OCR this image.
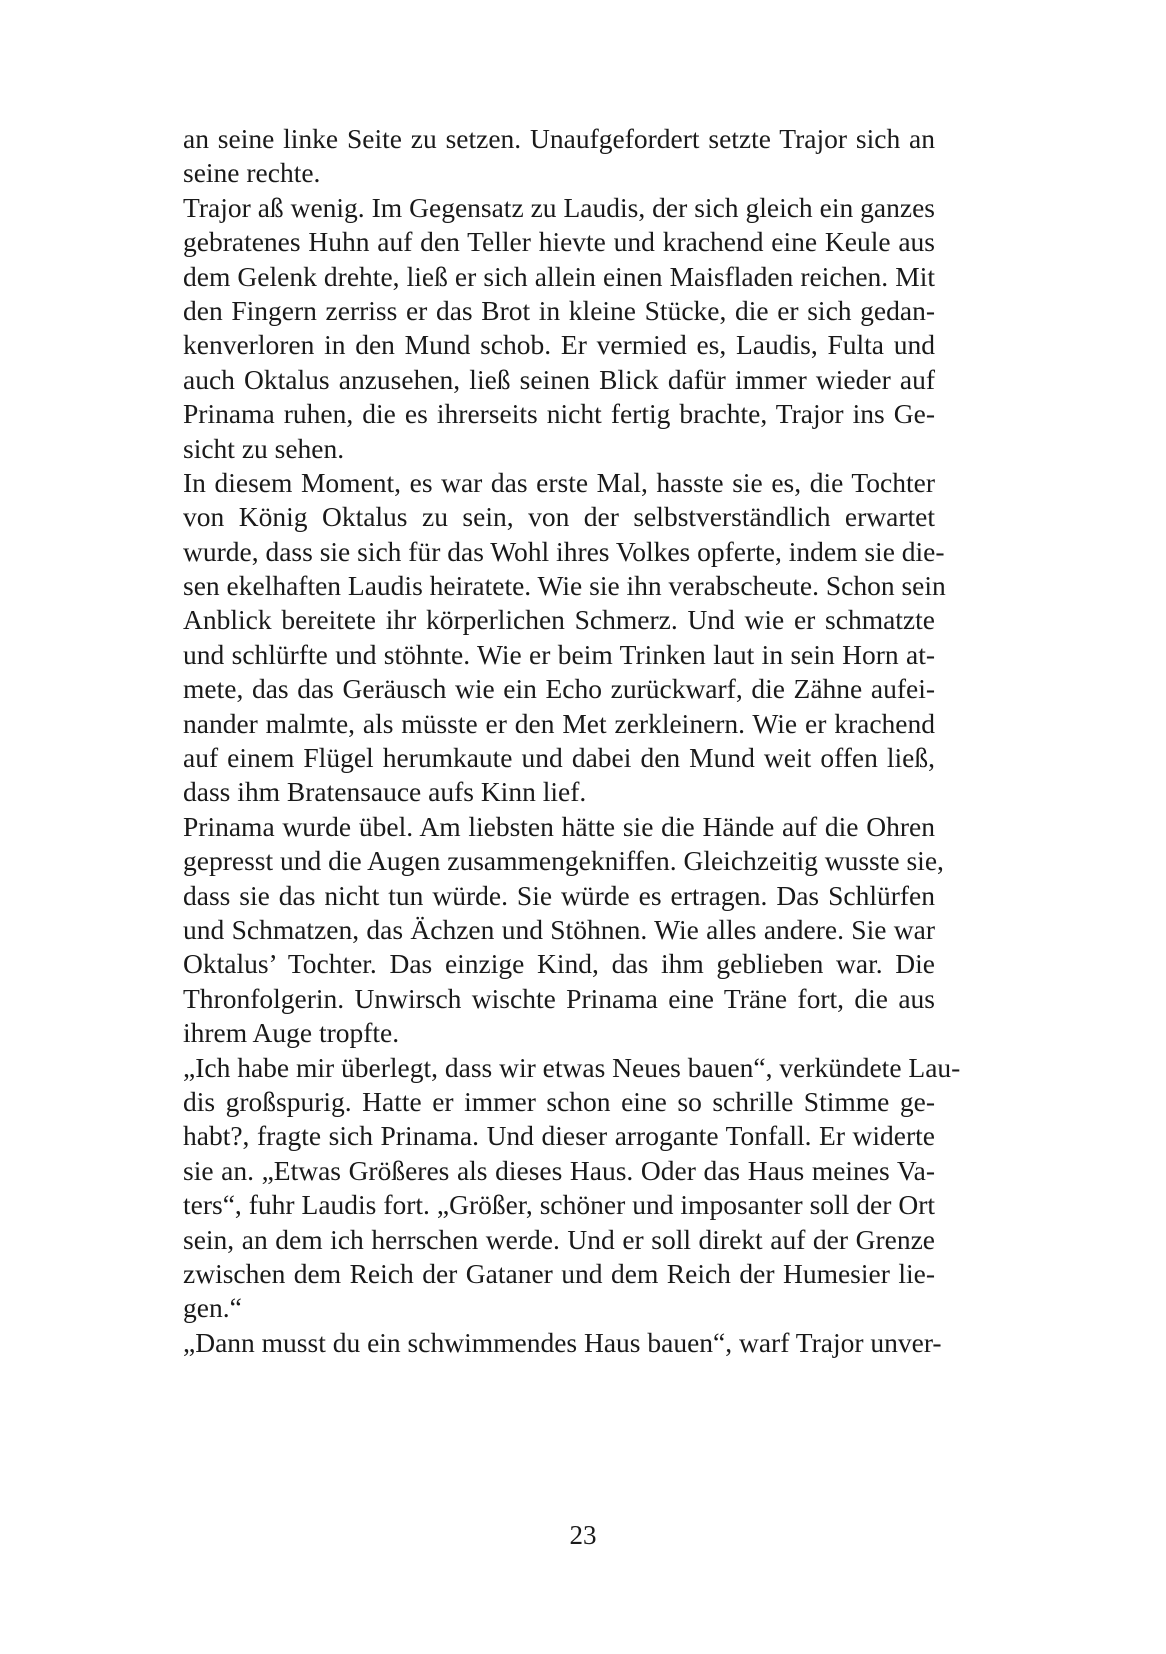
an seine linke Seite zu setzen. Unaufgefordert setzte Trajor sich an
seine rechte.
Trajor aß wenig. Im Gegensatz zu Laudis, der sich gleich ein ganzes
gebratenes Huhn auf den Teller hievte und krachend eine Keule aus
dem Gelenk drehte, ließ er sich allein einen Maisfladen reichen. Mit
den Fingern zerriss er das Brot in kleine Stücke, die er sich gedan-
kenverloren in den Mund schob. Er vermied es, Laudis, Fulta und
auch Oktalus anzusehen, ließ seinen Blick dafür immer wieder auf
Prinama ruhen, die es ihrerseits nicht fertig brachte, Trajor ins Ge-
sicht zu sehen.
In diesem Moment, es war das erste Mal, hasste sie es, die Tochter
von König Oktalus zu sein, von der selbstverständlich erwartet
wurde, dass sie sich für das Wohl ihres Volkes opferte, indem sie die-
sen ekelhaften Laudis heiratete. Wie sie ihn verabscheute. Schon sein
Anblick bereitete ihr körperlichen Schmerz. Und wie er schmatzte
und schlürfte und stöhnte. Wie er beim Trinken laut in sein Horn at-
mete, das das Geräusch wie ein Echo zurückwarf, die Zähne aufei-
nander malmte, als müsste er den Met zerkleinern. Wie er krachend
auf einem Flügel herumkaute und dabei den Mund weit offen ließ,
dass ihm Bratensauce aufs Kinn lief.
Prinama wurde übel. Am liebsten hätte sie die Hände auf die Ohren
gepresst und die Augen zusammengekniffen. Gleichzeitig wusste sie,
dass sie das nicht tun würde. Sie würde es ertragen. Das Schlürfen
und Schmatzen, das Ächzen und Stöhnen. Wie alles andere. Sie war
Oktalus’ Tochter. Das einzige Kind, das ihm geblieben war. Die
Thronfolgerin. Unwirsch wischte Prinama eine Träne fort, die aus
ihrem Auge tropfte.
„Ich habe mir überlegt, dass wir etwas Neues bauen“, verkündete Lau-
dis großspurig. Hatte er immer schon eine so schrille Stimme ge-
habt?, fragte sich Prinama. Und dieser arrogante Tonfall. Er widerte
sie an. „Etwas Größeres als dieses Haus. Oder das Haus meines Va-
ters“, fuhr Laudis fort. „Größer, schöner und imposanter soll der Ort
sein, an dem ich herrschen werde. Und er soll direkt auf der Grenze
zwischen dem Reich der Gataner und dem Reich der Humesier lie-
gen.“
„Dann musst du ein schwimmendes Haus bauen“, warf Trajor unver-
23
